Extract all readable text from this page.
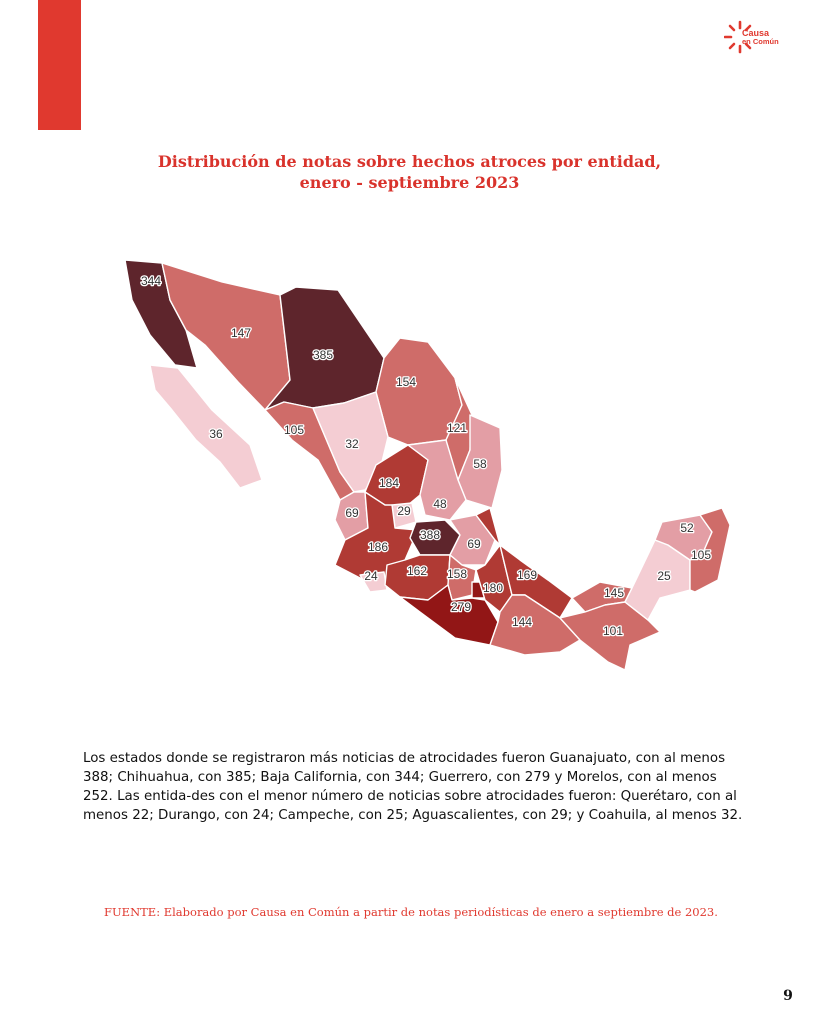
Causa
en Común
Distribución de notas sobre hechos atroces por entidad,
enero - septiembre 2023
344
147
385
154
36	105
32
121
58
184
69	29 48
186
388
69
24 162 158
180
169
279
144
145
101
52
105
25

Los estados donde se registraron más noticias de atrocidades fueron Guanajuato, con al menos 388; Chihuahua, con 385; Baja California, con 344; Guerrero, con 279 y Morelos, con al menos 252. Las entida-des con el menor número de noticias sobre atrocidades fueron: Querétaro, con al menos 22; Durango, con 24; Campeche, con 25; Aguascalientes, con 29; y Coahuila, al menos 32.

FUENTE: Elaborado por Causa en Común a partir de notas periodísticas de enero a septiembre de 2023.
9
